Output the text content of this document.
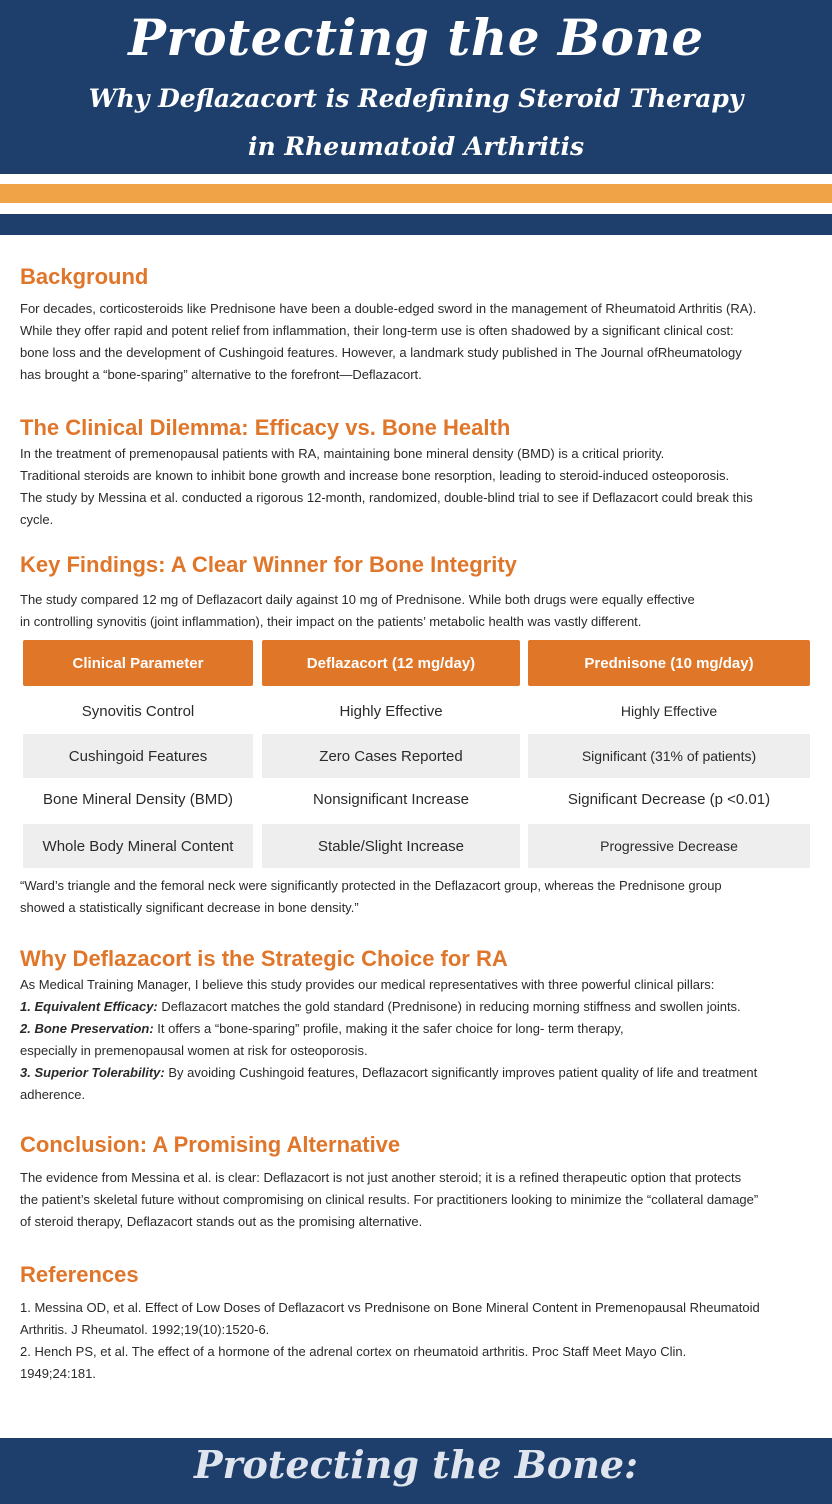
Protecting the Bone
Why Deflazacort is Redefining Steroid Therapy
in Rheumatoid Arthritis
Background
For decades, corticosteroids like Prednisone have been a double-edged sword in the management of Rheumatoid Arthritis (RA).
While they offer rapid and potent relief from inflammation, their long-term use is often shadowed by a significant clinical cost:
bone loss and the development of Cushingoid features. However, a landmark study published in The Journal ofRheumatology
has brought a “bone-sparing” alternative to the forefront—Deflazacort.
The Clinical Dilemma: Efficacy vs. Bone Health
In the treatment of premenopausal patients with RA, maintaining bone mineral density (BMD) is a critical priority.
Traditional steroids are known to inhibit bone growth and increase bone resorption, leading to steroid-induced osteoporosis.
The study by Messina et al. conducted a rigorous 12-month, randomized, double-blind trial to see if Deflazacort could break this
cycle.
Key Findings: A Clear Winner for Bone Integrity
The study compared 12 mg of Deflazacort daily against 10 mg of Prednisone. While both drugs were equally effective
in controlling synovitis (joint inflammation), their impact on the patients’ metabolic health was vastly different.
Clinical Parameter	Deflazacort (12 mg/day)	Prednisone (10 mg/day)
Synovitis Control	Highly Effective	Highly Effective
Cushingoid Features	Zero Cases Reported	Significant (31% of patients)
Bone Mineral Density (BMD)	Nonsignificant Increase	Significant Decrease (p <0.01)
Whole Body Mineral Content	Stable/Slight Increase	Progressive Decrease
“Ward’s triangle and the femoral neck were significantly protected in the Deflazacort group, whereas the Prednisone group
showed a statistically significant decrease in bone density.”
Why Deflazacort is the Strategic Choice for RA
As Medical Training Manager, I believe this study provides our medical representatives with three powerful clinical pillars:
1. Equivalent Efficacy: Deflazacort matches the gold standard (Prednisone) in reducing morning stiffness and swollen joints.
2. Bone Preservation: It offers a “bone-sparing” profile, making it the safer choice for long- term therapy,
especially in premenopausal women at risk for osteoporosis.
3. Superior Tolerability: By avoiding Cushingoid features, Deflazacort significantly improves patient quality of life and treatment
adherence.
Conclusion: A Promising Alternative
The evidence from Messina et al. is clear: Deflazacort is not just another steroid; it is a refined therapeutic option that protects
the patient’s skeletal future without compromising on clinical results. For practitioners looking to minimize the “collateral damage”
of steroid therapy, Deflazacort stands out as the promising alternative.
References
1. Messina OD, et al. Effect of Low Doses of Deflazacort vs Prednisone on Bone Mineral Content in Premenopausal Rheumatoid
Arthritis. J Rheumatol. 1992;19(10):1520-6.
2. Hench PS, et al. The effect of a hormone of the adrenal cortex on rheumatoid arthritis. Proc Staff Meet Mayo Clin.
1949;24:181.
Protecting the Bone:
